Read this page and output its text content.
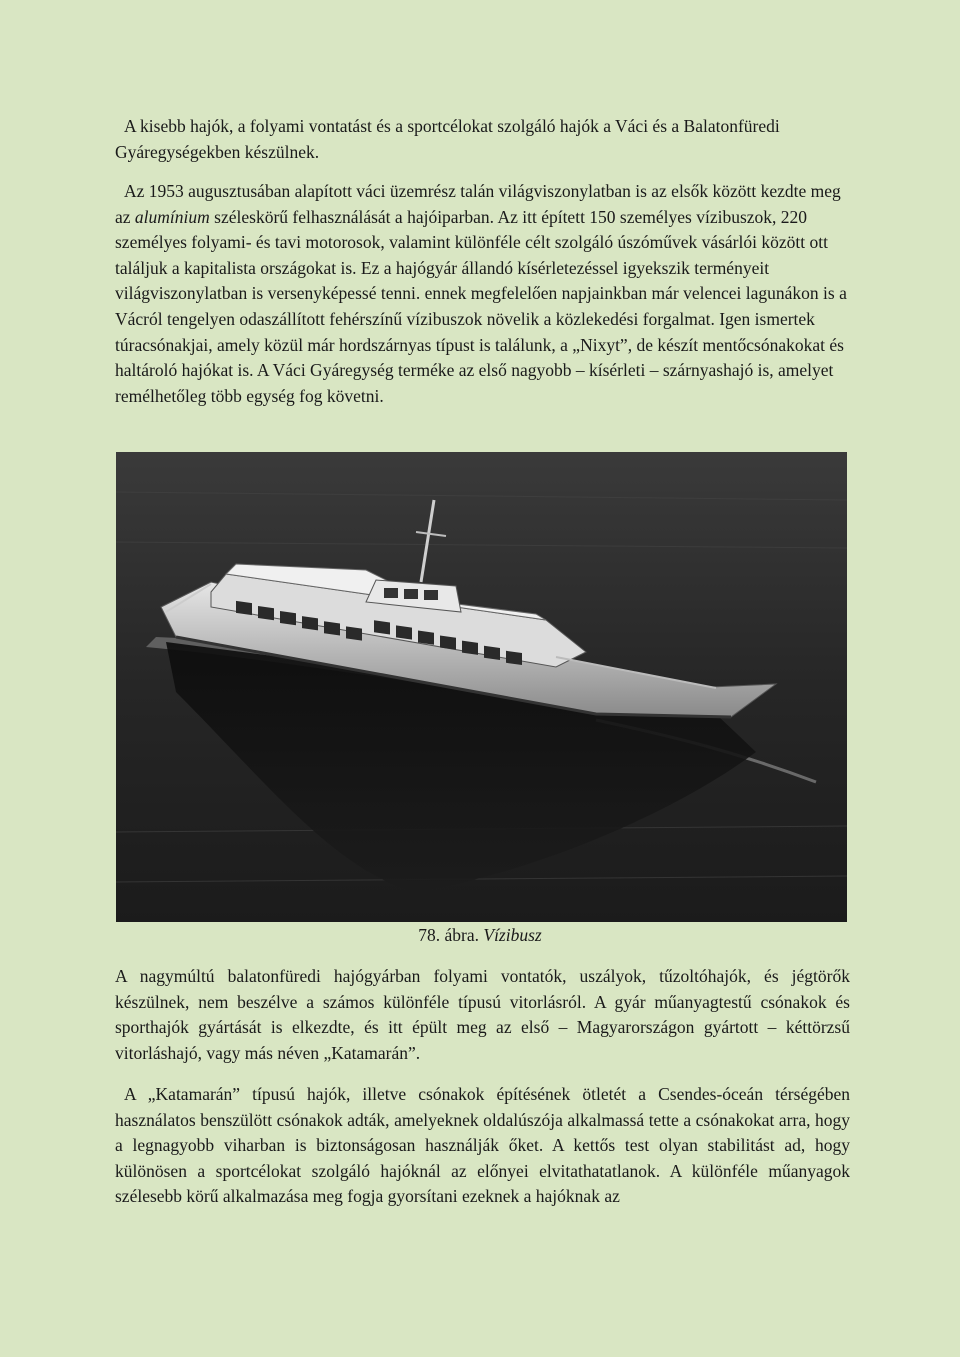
A kisebb hajók, a folyami vontatást és a sportcélokat szolgáló hajók a Váci és a Balatonfüredi Gyáregységekben készülnek.

Az 1953 augusztusában alapított váci üzemrész talán világviszonylatban is az elsők között kezdte meg az alumínium széleskörű felhasználását a hajóiparban. Az itt épített 150 személyes vízibuszok, 220 személyes folyami- és tavi motorosok, valamint különféle célt szolgáló úszóművek vásárlói között ott találjuk a kapitalista országokat is. Ez a hajógyár állandó kísérletezéssel igyekszik terményeit világviszonylatban is versenyképessé tenni. ennek megfelelően napjainkban már velencei lagunákon is a Vácról tengelyen odaszállított fehérszínű vízibuszok növelik a közlekedési forgalmat. Igen ismertek túracsónakjai, amely közül már hordszárnyas típust is találunk, a „Nixyt”, de készít mentőcsónakokat és haltároló hajókat is. A Váci Gyáregység terméke az első nagyobb – kísérleti – szárnyashajó is, amelyet remélhetőleg több egység fog követni.

78. ábra. Vízibusz

A nagymúltú balatonfüredi hajógyárban folyami vontatók, uszályok, tűzoltóhajók, és jégtörők készülnek, nem beszélve a számos különféle típusú vitorlásról. A gyár műanyagtestű csónakok és sporthajók gyártását is elkezdte, és itt épült meg az első – Magyarországon gyártott – kéttörzsű vitorláshajó, vagy más néven „Katamarán”.

A „Katamarán” típusú hajók, illetve csónakok építésének ötletét a Csendes-óceán térségében használatos benszülött csónakok adták, amelyeknek oldalúszója alkalmassá tette a csónakokat arra, hogy a legnagyobb viharban is biztonságosan használják őket. A kettős test olyan stabilitást ad, hogy különösen a sportcélokat szolgáló hajóknál az előnyei elvitathatatlanok. A különféle műanyagok szélesebb körű alkalmazása meg fogja gyorsítani ezeknek a hajóknak az
